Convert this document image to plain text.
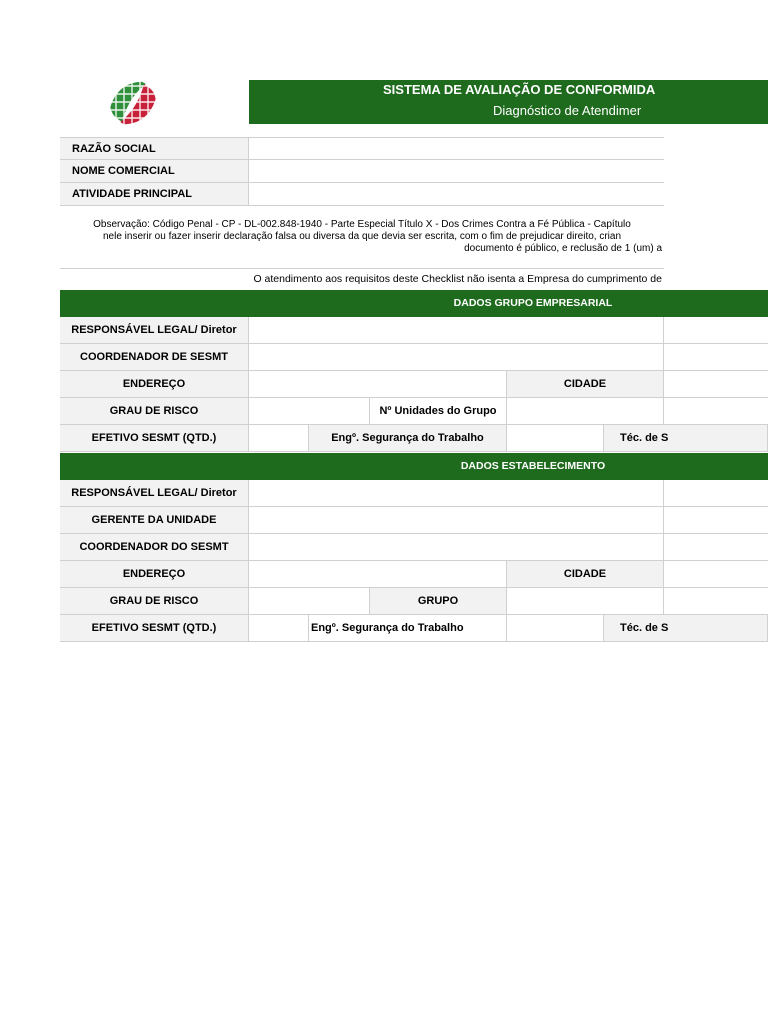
SISTEMA DE AVALIAÇÃO DE CONFORMIDA
Diagnóstico de Atendimer
RAZÃO SOCIAL
NOME COMERCIAL
ATIVIDADE PRINCIPAL
Observação: Código Penal - CP - DL-002.848-1940 - Parte Especial Título X - Dos Crimes Contra a Fé Pública - Capítulo
nele inserir ou fazer inserir declaração falsa ou diversa da que devia ser escrita, com o fim de prejudicar direito, crian
documento é público, e reclusão de 1 (um) a
O atendimento aos requisitos deste Checklist não isenta a Empresa do cumprimento de
DADOS GRUPO EMPRESARIAL
RESPONSÁVEL LEGAL/ Diretor
COORDENADOR DE SESMT
ENDEREÇO	CIDADE
GRAU DE RISCO	Nº Unidades do Grupo
EFETIVO SESMT (QTD.)	Engº. Segurança do Trabalho	Téc. de S
DADOS ESTABELECIMENTO
RESPONSÁVEL LEGAL/ Diretor
GERENTE DA UNIDADE
COORDENADOR DO SESMT
ENDEREÇO	CIDADE
GRAU DE RISCO	GRUPO
EFETIVO SESMT (QTD.)	Engº. Segurança do Trabalho	Téc. de S
